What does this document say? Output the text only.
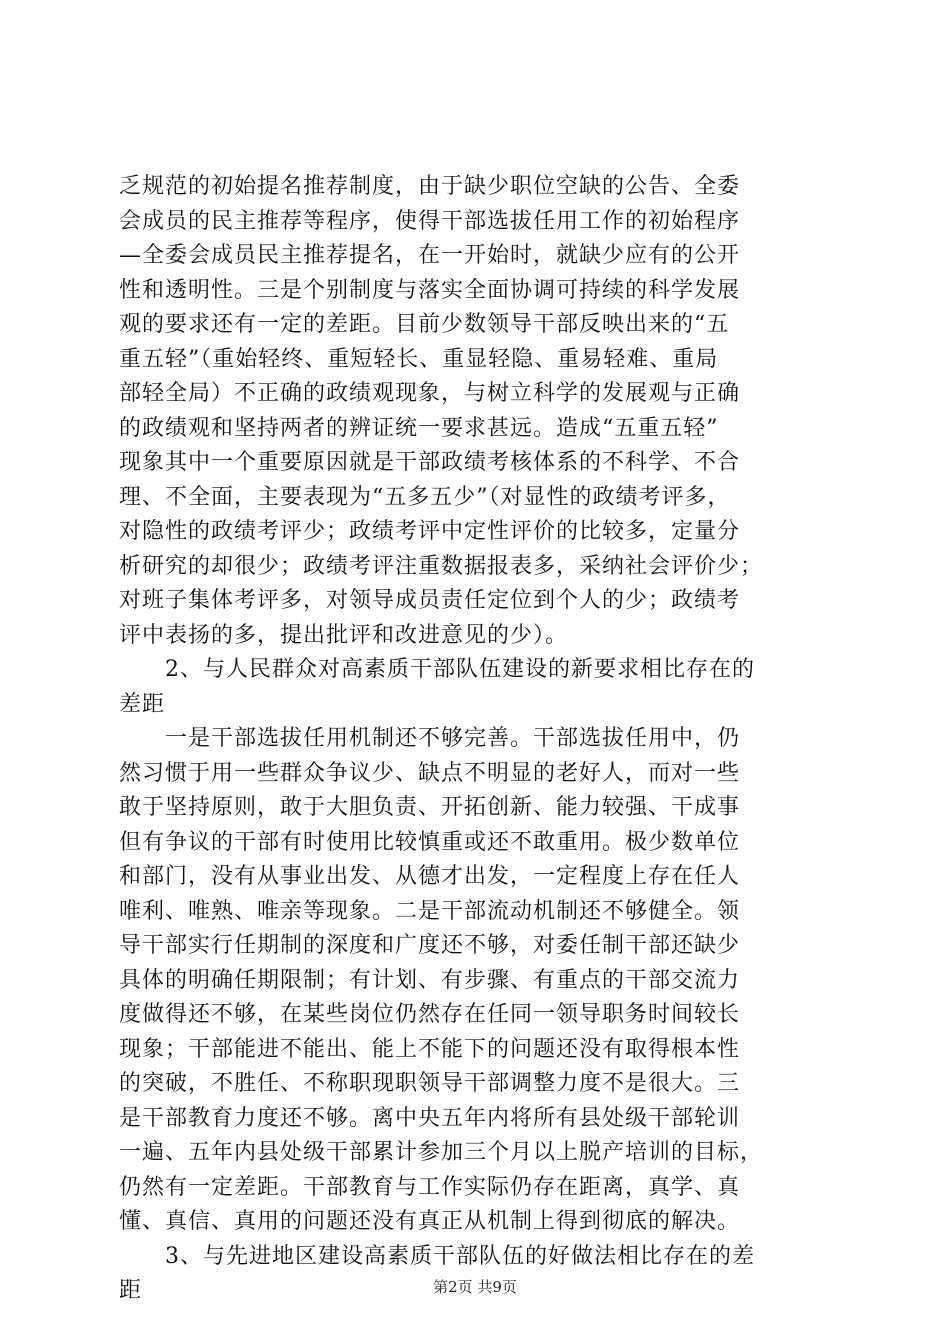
乏规范的初始提名推荐制度，由于缺少职位空缺的公告、全委
会成员的民主推荐等程序，使得干部选拔任用工作的初始程序
—全委会成员民主推荐提名，在一开始时，就缺少应有的公开
性和透明性。三是个别制度与落实全面协调可持续的科学发展
观的要求还有一定的差距。目前少数领导干部反映出来的“五
重五轻”（重始轻终、重短轻长、重显轻隐、重易轻难、重局
部轻全局）不正确的政绩观现象，与树立科学的发展观与正确
的政绩观和坚持两者的辨证统一要求甚远。造成“五重五轻”
现象其中一个重要原因就是干部政绩考核体系的不科学、不合
理、不全面，主要表现为“五多五少”（对显性的政绩考评多，
对隐性的政绩考评少；政绩考评中定性评价的比较多，定量分
析研究的却很少；政绩考评注重数据报表多，采纳社会评价少；
对班子集体考评多，对领导成员责任定位到个人的少；政绩考
评中表扬的多，提出批评和改进意见的少）。
2、与人民群众对高素质干部队伍建设的新要求相比存在的
差距
一是干部选拔任用机制还不够完善。干部选拔任用中，仍
然习惯于用一些群众争议少、缺点不明显的老好人，而对一些
敢于坚持原则，敢于大胆负责、开拓创新、能力较强、干成事
但有争议的干部有时使用比较慎重或还不敢重用。极少数单位
和部门，没有从事业出发、从德才出发，一定程度上存在任人
唯利、唯熟、唯亲等现象。二是干部流动机制还不够健全。领
导干部实行任期制的深度和广度还不够，对委任制干部还缺少
具体的明确任期限制；有计划、有步骤、有重点的干部交流力
度做得还不够，在某些岗位仍然存在任同一领导职务时间较长
现象；干部能进不能出、能上不能下的问题还没有取得根本性
的突破，不胜任、不称职现职领导干部调整力度不是很大。三
是干部教育力度还不够。离中央五年内将所有县处级干部轮训
一遍、五年内县处级干部累计参加三个月以上脱产培训的目标，
仍然有一定差距。干部教育与工作实际仍存在距离，真学、真
懂、真信、真用的问题还没有真正从机制上得到彻底的解决。
3、与先进地区建设高素质干部队伍的好做法相比存在的差
距	第2页 共9页
